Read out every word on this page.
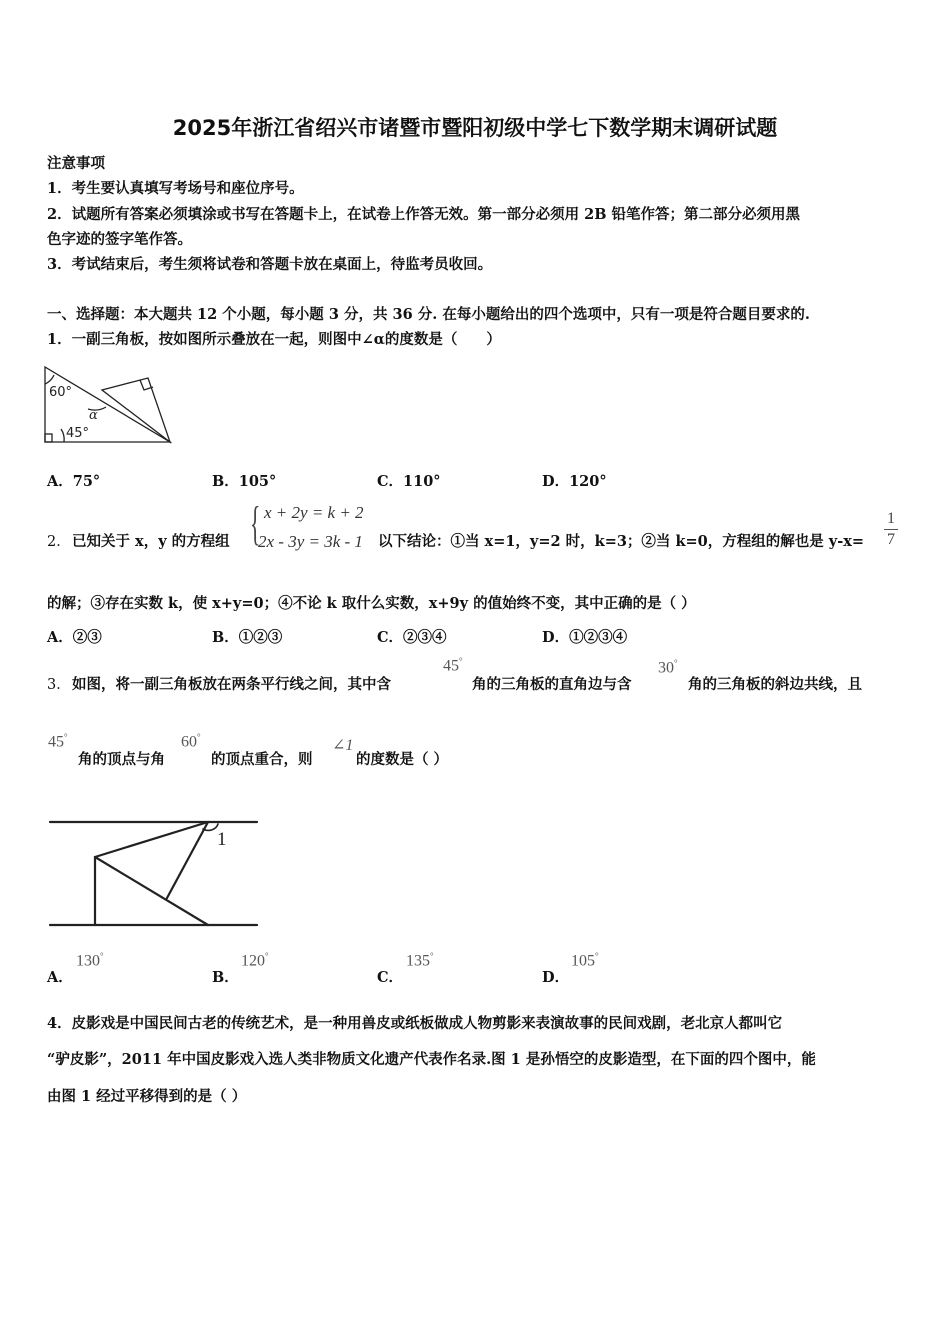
2025年浙江省绍兴市诸暨市暨阳初级中学七下数学期末调研试题
注意事项
1．考生要认真填写考场号和座位序号。
2．试题所有答案必须填涂或书写在答题卡上，在试卷上作答无效。第一部分必须用 2B 铅笔作答；第二部分必须用黑
色字迹的签字笔作答。
3．考试结束后，考生须将试卷和答题卡放在桌面上，待监考员收回。
一、选择题：本大题共 12 个小题，每小题 3 分，共 36 分. 在每小题给出的四个选项中，只有一项是符合题目要求的.
1．一副三角板，按如图所示叠放在一起，则图中∠α的度数是（　　）
60°
45°
α
A．75°	B．105°	C．110°	D．120°
2． 已知关于 x，y 的方程组 { x + 2y = k + 2
2x - 3y = 3k - 1 以下结论：①当 x=1，y=2 时，k=3；②当 k=0，方程组的解也是 y-x=
1
7
的解；③存在实数 k，使 x+y=0；④不论 k 取什么实数，x+9y 的值始终不变，其中正确的是（ ）
A．②③	B．①②③	C．②③④	D．①②③④
3． 如图，将一副三角板放在两条平行线之间，其中含
45°
角的三角板的直角边与含
30°
角的三角板的斜边共线，且
45°
角的顶点与角
60°
的顶点重合，则
∠1
的度数是（ ）
1
A．
130°
B．
120°
C．
135°
D．
105°
4．皮影戏是中国民间古老的传统艺术，是一种用兽皮或纸板做成人物剪影来表演故事的民间戏剧，老北京人都叫它
“驴皮影”，2011 年中国皮影戏入选人类非物质文化遗产代表作名录.图 1 是孙悟空的皮影造型，在下面的四个图中，能
由图 1 经过平移得到的是（ ）
